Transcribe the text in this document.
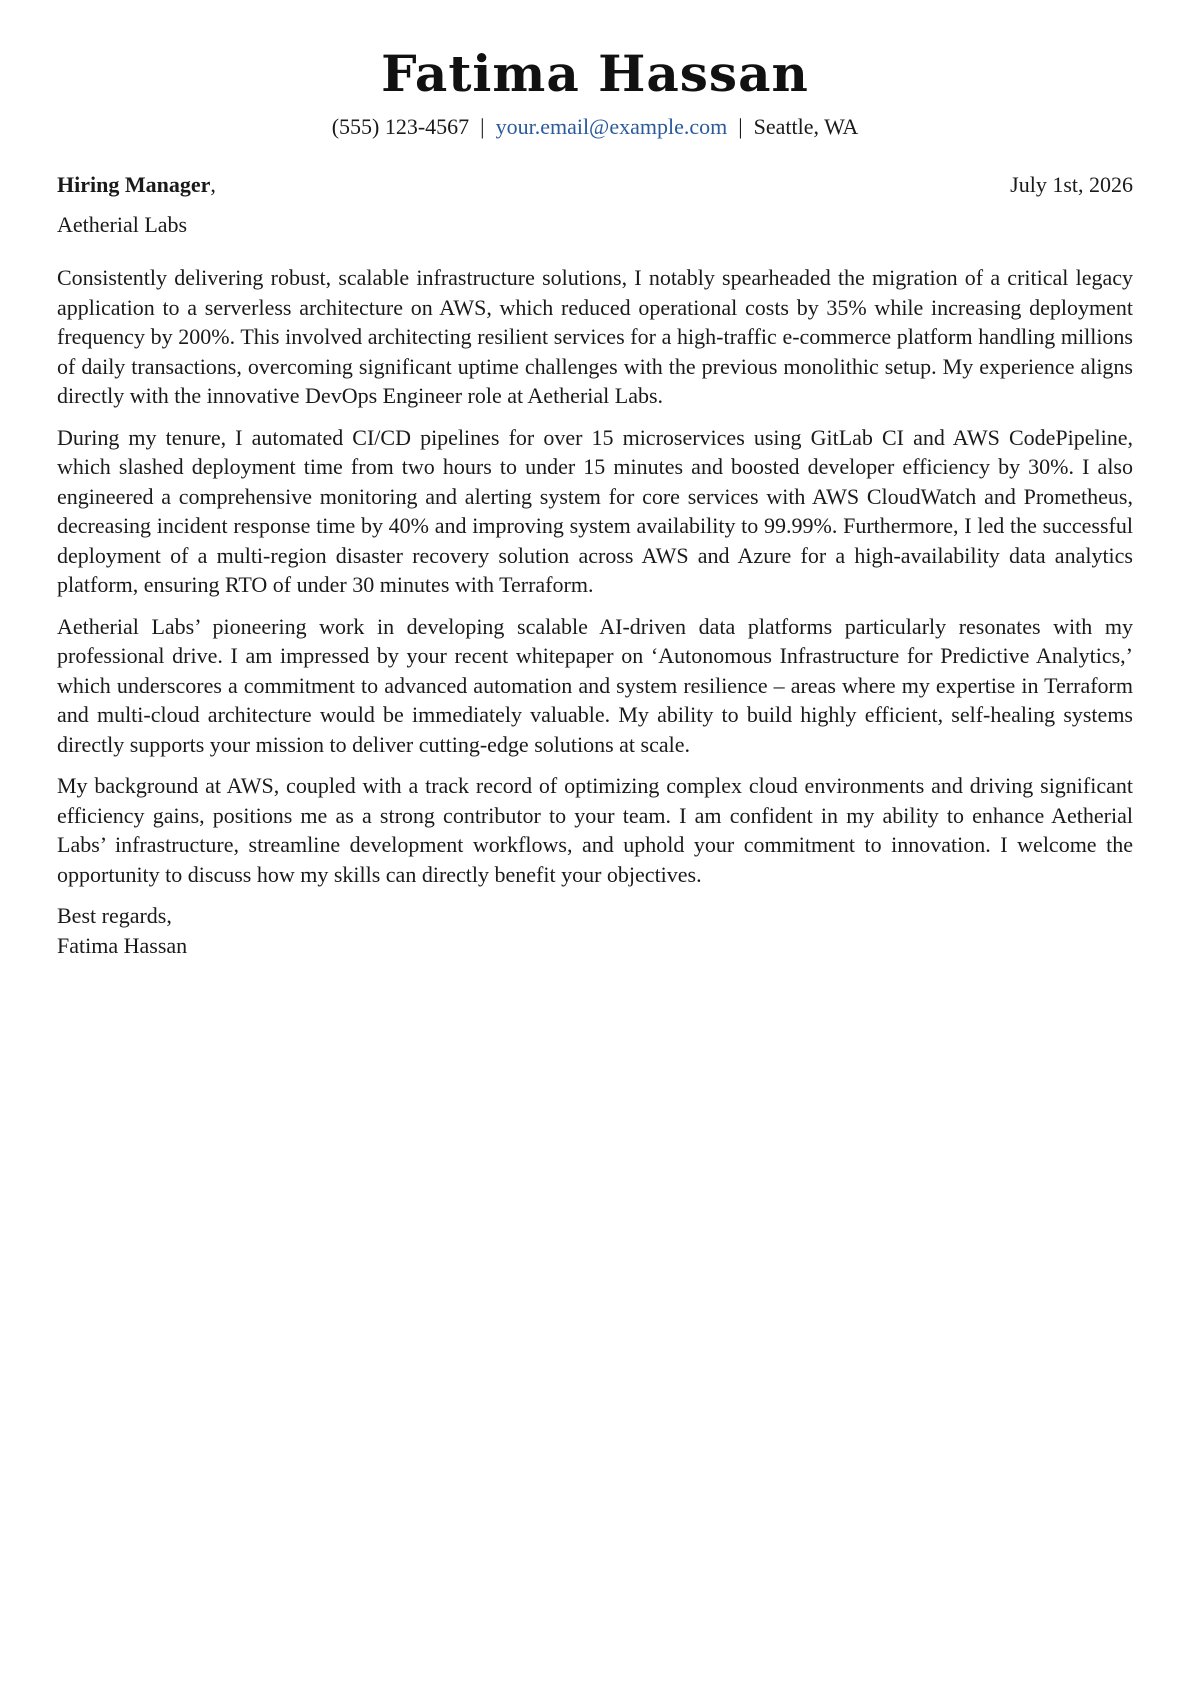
Fatima Hassan
(555) 123-4567 | your.email@example.com | Seattle, WA
Hiring Manager,	July 1st, 2026
Aetherial Labs

Consistently delivering robust, scalable infrastructure solutions, I notably spearheaded the migration of a critical legacy application to a serverless architecture on AWS, which reduced operational costs by 35% while increasing deployment frequency by 200%. This involved architecting resilient services for a high-traffic e-commerce platform handling millions of daily transactions, overcoming significant uptime challenges with the previous monolithic setup. My experience aligns directly with the innovative DevOps Engineer role at Aetherial Labs.

During my tenure, I automated CI/CD pipelines for over 15 microservices using GitLab CI and AWS CodePipeline, which slashed deployment time from two hours to under 15 minutes and boosted developer efficiency by 30%. I also engineered a comprehensive monitoring and alerting system for core services with AWS CloudWatch and Prometheus, decreasing incident response time by 40% and improving system availability to 99.99%. Furthermore, I led the successful deployment of a multi-region disaster recovery solution across AWS and Azure for a high-availability data analytics platform, ensuring RTO of under 30 minutes with Terraform.

Aetherial Labs’ pioneering work in developing scalable AI-driven data platforms particularly resonates with my professional drive. I am impressed by your recent whitepaper on ‘Autonomous Infrastructure for Predictive Analytics,’ which underscores a commitment to advanced automation and system resilience – areas where my expertise in Terraform and multi-cloud architecture would be immediately valuable. My ability to build highly efficient, self-healing systems directly supports your mission to deliver cutting-edge solutions at scale.

My background at AWS, coupled with a track record of optimizing complex cloud environments and driving significant efficiency gains, positions me as a strong contributor to your team. I am confident in my ability to enhance Aetherial Labs’ infrastructure, streamline development workflows, and uphold your commitment to innovation. I welcome the opportunity to discuss how my skills can directly benefit your objectives.

Best regards,
Fatima Hassan
